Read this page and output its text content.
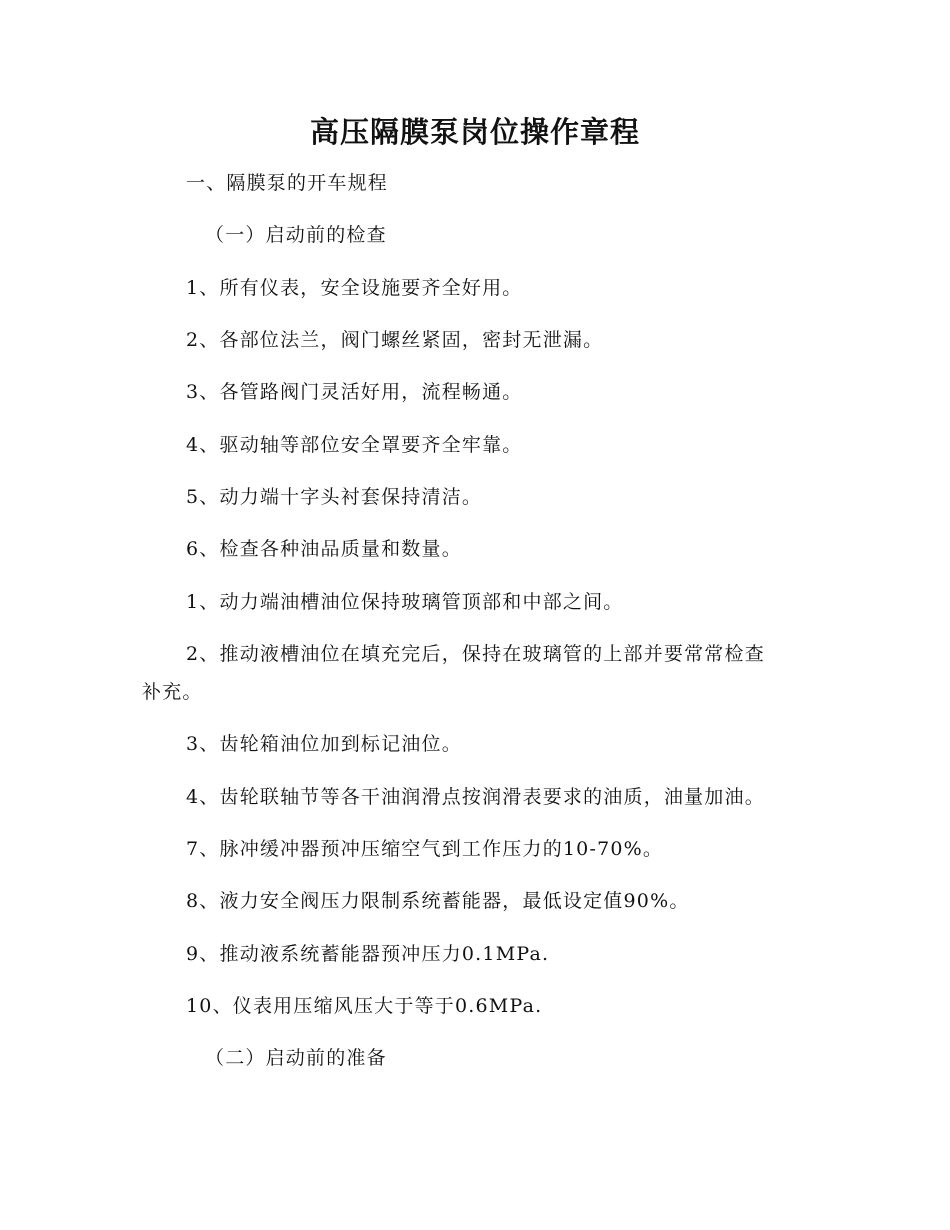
高压隔膜泵岗位操作章程

一、隔膜泵的开车规程

（一）启动前的检查

1、所有仪表，安全设施要齐全好用。

2、各部位法兰，阀门螺丝紧固，密封无泄漏。

3、各管路阀门灵活好用，流程畅通。

4、驱动轴等部位安全罩要齐全牢靠。

5、动力端十字头衬套保持清洁。

6、检查各种油品质量和数量。

1、动力端油槽油位保持玻璃管顶部和中部之间。

2、推动液槽油位在填充完后，保持在玻璃管的上部并要常常检查

补充。

3、齿轮箱油位加到标记油位。

4、齿轮联轴节等各干油润滑点按润滑表要求的油质，油量加油。

7、脉冲缓冲器预冲压缩空气到工作压力的10-70%。

8、液力安全阀压力限制系统蓄能器，最低设定值90%。

9、推动液系统蓄能器预冲压力0.1MPa.

10、仪表用压缩风压大于等于0.6MPa.

（二）启动前的准备
